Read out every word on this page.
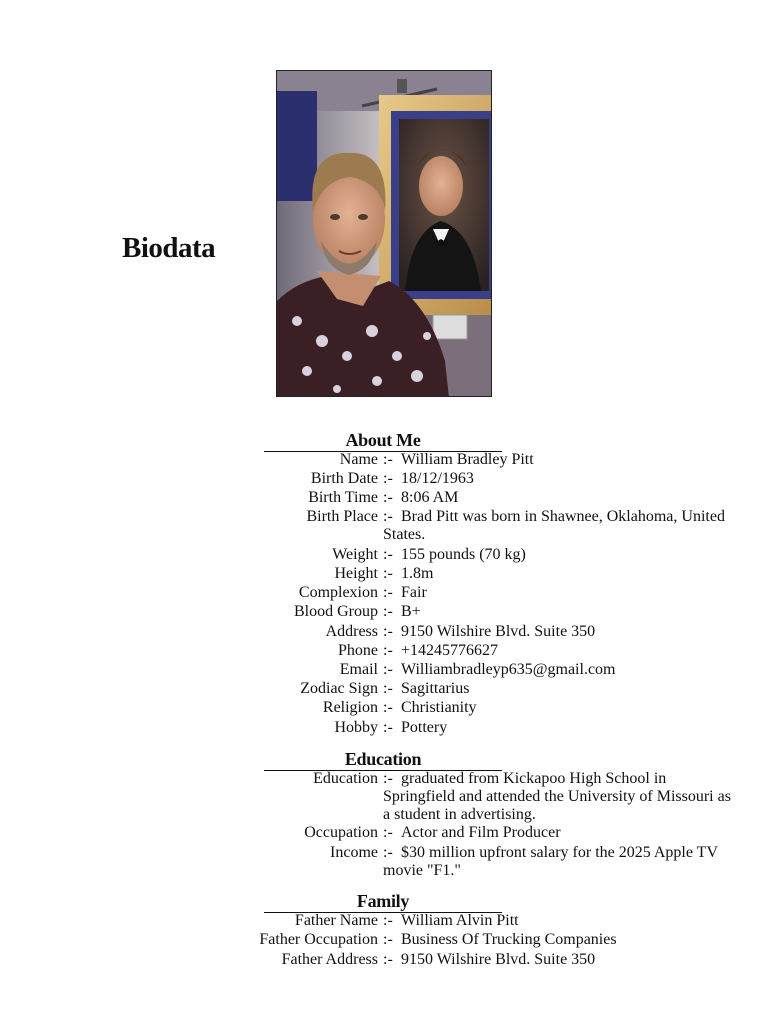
Biodata
About Me
Name :- William Bradley Pitt
Birth Date :- 18/12/1963
Birth Time :- 8:06 AM
Birth Place :- Brad Pitt was born in Shawnee, Oklahoma, United States.
Weight :- 155 pounds (70 kg)
Height :- 1.8m
Complexion :- Fair
Blood Group :- B+
Address :- 9150 Wilshire Blvd. Suite 350
Phone :- +14245776627
Email :- Williambradleyp635@gmail.com
Zodiac Sign :- Sagittarius
Religion :- Christianity
Hobby :- Pottery
Education
Education :- graduated from Kickapoo High School in Springfield and attended the University of Missouri as a student in advertising.
Occupation :- Actor and Film Producer
Income :- $30 million upfront salary for the 2025 Apple TV movie "F1."
Family
Father Name :- William Alvin Pitt
Father Occupation :- Business Of Trucking Companies
Father Address :- 9150 Wilshire Blvd. Suite 350
